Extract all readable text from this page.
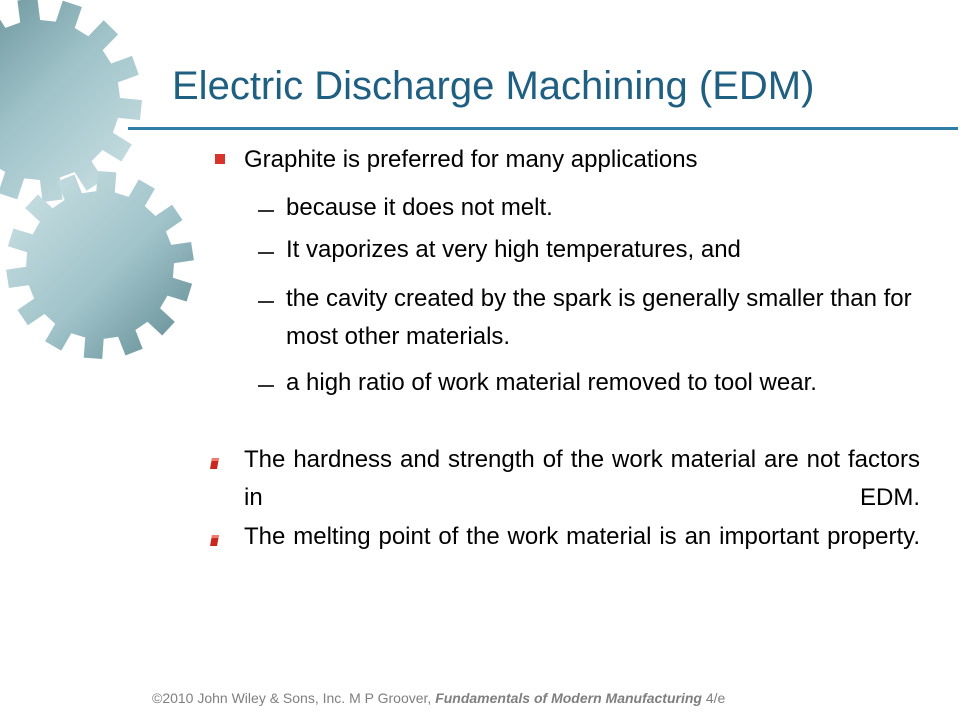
Electric Discharge Machining (EDM)
Graphite is preferred for many applications
because it does not melt.
It vaporizes at very high temperatures, and
the cavity created by the spark is generally smaller than for most other materials.
a high ratio of work material removed to tool wear.
The hardness and strength of the work material are not factors in EDM.
The melting point of the work material is an important property.
©2010 John Wiley & Sons, Inc. M P Groover, Fundamentals of Modern Manufacturing 4/e
